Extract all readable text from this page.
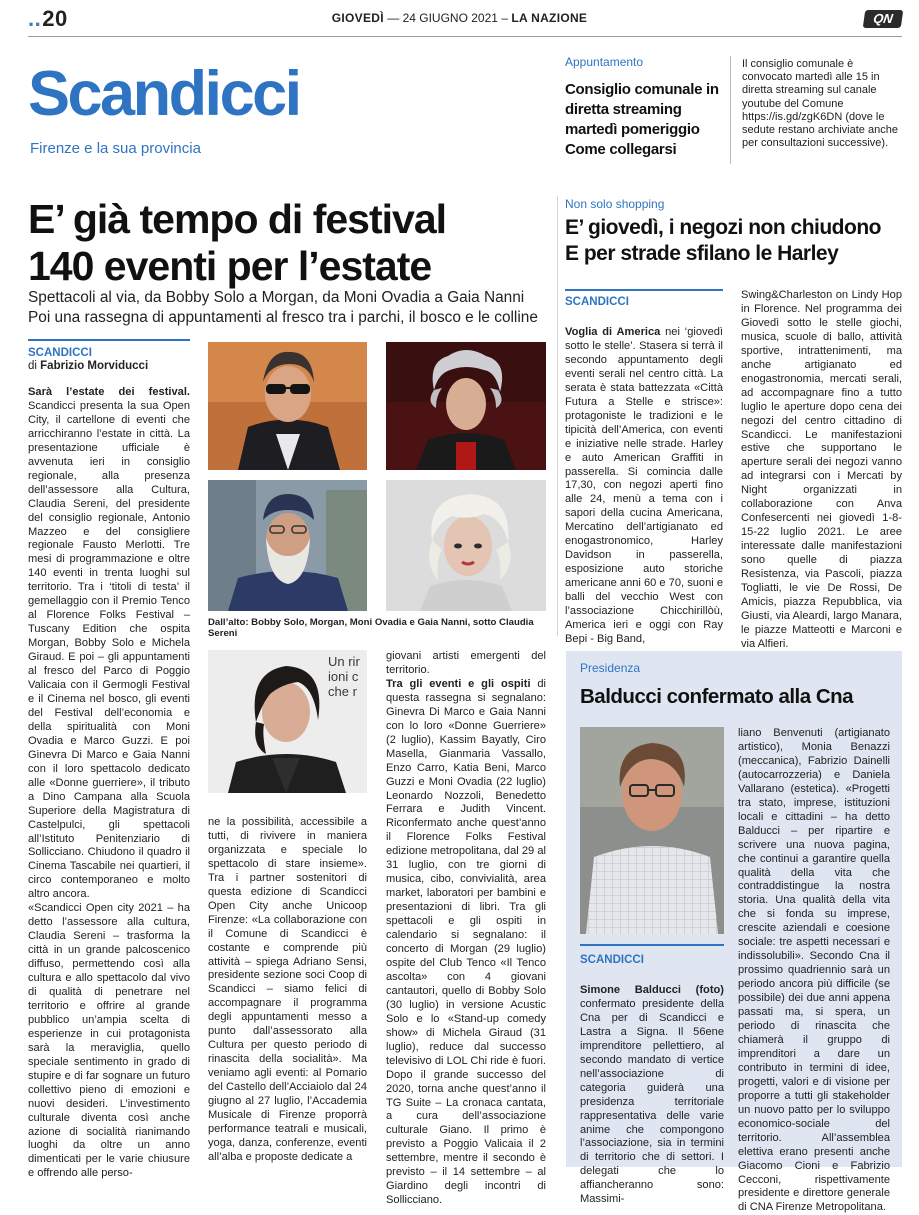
..20	GIOVEDÌ — 24 GIUGNO 2021 – LA NAZIONE	QN
Scandicci
Firenze e la sua provincia
Appuntamento
Consiglio comunale in diretta streaming martedì pomeriggio Come collegarsi
Il consiglio comunale è convocato martedì alle 15 in diretta streaming sul canale youtube del Comune https://is.gd/zgK6DN (dove le sedute restano archiviate anche per consultazioni successive).
E’ già tempo di festival
140 eventi per l’estate
Spettacoli al via, da Bobby Solo a Morgan, da Moni Ovadia a Gaia Nanni
Poi una rassegna di appuntamenti al fresco tra i parchi, il bosco e le colline
SCANDICCI
di Fabrizio Morviducci
Sarà l’estate dei festival. Scandicci presenta la sua Open City, il cartellone di eventi che arricchiranno l’estate in città. La presentazione ufficiale è avvenuta ieri in consiglio regionale, alla presenza dell’assessore alla Cultura, Claudia Sereni, del presidente del consiglio regionale, Antonio Mazzeo e del consigliere regionale Fausto Merlotti. Tre mesi di programmazione e oltre 140 eventi in trenta luoghi sul territorio. Tra i ‘titoli di testa’ il gemellaggio con il Premio Tenco al Florence Folks Festival – Tuscany Edition che ospita Morgan, Bobby Solo e Michela Giraud. E poi – gli appuntamenti al fresco del Parco di Poggio Valicaia con il Germogli Festival e il Cinema nel bosco, gli eventi del Festival dell’economia e della spiritualità con Moni Ovadia e Marco Guzzi. E poi Ginevra Di Marco e Gaia Nanni con il loro spettacolo dedicato alle «Donne guerriere», il tributo a Dino Campana alla Scuola Superiore della Magistratura di Castelpulci, gli spettacoli all’Istituto Penitenziario di Sollicciano. Chiudono il quadro il Cinema Tascabile nei quartieri, il circo contemporaneo e molto altro ancora.
«Scandicci Open city 2021 – ha detto l’assessore alla cultura, Claudia Sereni – trasforma la città in un grande palcoscenico diffuso, permettendo così alla cultura e allo spettacolo dal vivo di qualità di penetrare nel territorio e offrire al grande pubblico un’ampia scelta di esperienze in cui protagonista sarà la meraviglia, quello speciale sentimento in grado di stupire e di far sognare un futuro collettivo pieno di emozioni e nuovi desideri. L’investimento culturale diventa così anche azione di socialità rianimando luoghi da oltre un anno dimenticati per le varie chiusure e offrendo alle perso-
Dall’alto: Bobby Solo, Morgan, Moni Ovadia e Gaia Nanni, sotto Claudia Sereni
Un rir
ioni c
che r
ne la possibilità, accessibile a tutti, di rivivere in maniera organizzata e speciale lo spettacolo di stare insieme». Tra i partner sostenitori di questa edizione di Scandicci Open City anche Unicoop Firenze: «La collaborazione con il Comune di Scandicci è costante e comprende più attività – spiega Adriano Sensi, presidente sezione soci Coop di Scandicci – siamo felici di accompagnare il programma degli appuntamenti messo a punto dall’assessorato alla Cultura per questo periodo di rinascita della socialità». Ma veniamo agli eventi: al Pomario del Castello dell’Acciaiolo dal 24 giugno al 27 luglio, l’Accademia Musicale di Firenze proporrà performance teatrali e musicali, yoga, danza, conferenze, eventi all’alba e proposte dedicate a
giovani artisti emergenti del territorio.
Tra gli eventi e gli ospiti di questa rassegna si segnalano: Ginevra Di Marco e Gaia Nanni con lo loro «Donne Guerriere» (2 luglio), Kassim Bayatly, Ciro Masella, Gianmaria Vassallo, Enzo Carro, Katia Beni, Marco Guzzi e Moni Ovadia (22 luglio) Leonardo Nozzoli, Benedetto Ferrara e Judith Vincent. Riconfermato anche quest’anno il Florence Folks Festival edizione metropolitana, dal 29 al 31 luglio, con tre giorni di musica, cibo, convivialità, area market, laboratori per bambini e presentazioni di libri. Tra gli spettacoli e gli ospiti in calendario si segnalano: il concerto di Morgan (29 luglio) ospite del Club Tenco «Il Tenco ascolta» con 4 giovani cantautori, quello di Bobby Solo (30 luglio) in versione Acustic Solo e lo «Stand-up comedy show» di Michela Giraud (31 luglio), reduce dal successo televisivo di LOL Chi ride è fuori. Dopo il grande successo del 2020, torna anche quest’anno il TG Suite – La cronaca cantata, a cura dell’associazione culturale Giano. Il primo è previsto a Poggio Valicaia il 2 settembre, mentre il secondo è previsto – il 14 settembre – al Giardino degli incontri di Sollicciano.
Non solo shopping
E’ giovedì, i negozi non chiudono
E per strade sfilano le Harley
SCANDICCI
Voglia di America nei ‘giovedì sotto le stelle’. Stasera si terrà il secondo appuntamento degli eventi serali nel centro città. La serata è stata battezzata «Città Futura a Stelle e strisce»: protagoniste le tradizioni e le tipicità dell’America, con eventi e iniziative nelle strade. Harley e auto American Graffiti in passerella. Si comincia dalle 17,30, con negozi aperti fino alle 24, menù a tema con i sapori della cucina Americana, Mercatino dell’artigianato ed enogastronomico, Harley Davidson in passerella, esposizione auto storiche americane anni 60 e 70, suoni e balli del vecchio West con l’associazione Chicchirillòù, America ieri e oggi con Ray Bepi - Big Band,
Swing&Charleston on Lindy Hop in Florence. Nel programma dei Giovedì sotto le stelle giochi, musica, scuole di ballo, attività sportive, intrattenimenti, ma anche artigianato ed enogastronomia, mercati serali, ad accompagnare fino a tutto luglio le aperture dopo cena dei negozi del centro cittadino di Scandicci. Le manifestazioni estive che supportano le aperture serali dei negozi vanno ad integrarsi con i Mercati by Night organizzati in collaborazione con Anva Confesercenti nei giovedì 1-8-15-22 luglio 2021. Le aree interessate dalle manifestazioni sono quelle di piazza Resistenza, via Pascoli, piazza Togliatti, le vie De Rossi, De Amicis, piazza Repubblica, via Giusti, via Aleardi, largo Manara, le piazze Matteotti e Marconi e via Alfieri.
Presidenza
Balducci confermato alla Cna
SCANDICCI
Simone Balducci (foto) confermato presidente della Cna per di Scandicci e Lastra a Signa. Il 56ene imprenditore pellettiero, al secondo mandato di vertice nell’associazione di categoria guiderà una presidenza territoriale rappresentativa delle varie anime che compongono l’associazione, sia in termini di territorio che di settori. I delegati che lo affiancheranno sono: Massimi-
liano Benvenuti (artigianato artistico), Monia Benazzi (meccanica), Fabrizio Dainelli (autocarrozzeria) e Daniela Vallarano (estetica). «Progetti tra stato, imprese, istituzioni locali e cittadini – ha detto Balducci – per ripartire e scrivere una nuova pagina, che continui a garantire quella qualità della vita che contraddistingue la nostra storia. Una qualità della vita che si fonda su imprese, crescite aziendali e coesione sociale: tre aspetti necessari e indissolubili». Secondo Cna il prossimo quadriennio sarà un periodo ancora più difficile (se possibile) dei due anni appena passati ma, si spera, un periodo di rinascita che chiamerà il gruppo di imprenditori a dare un contributo in termini di idee, progetti, valori e di visione per proporre a tutti gli stakeholder un nuovo patto per lo sviluppo economico-sociale del territorio. All’assemblea elettiva erano presenti anche Giacomo Cioni e Fabrizio Cecconi, rispettivamente presidente e direttore generale di CNA Firenze Metropolitana.
